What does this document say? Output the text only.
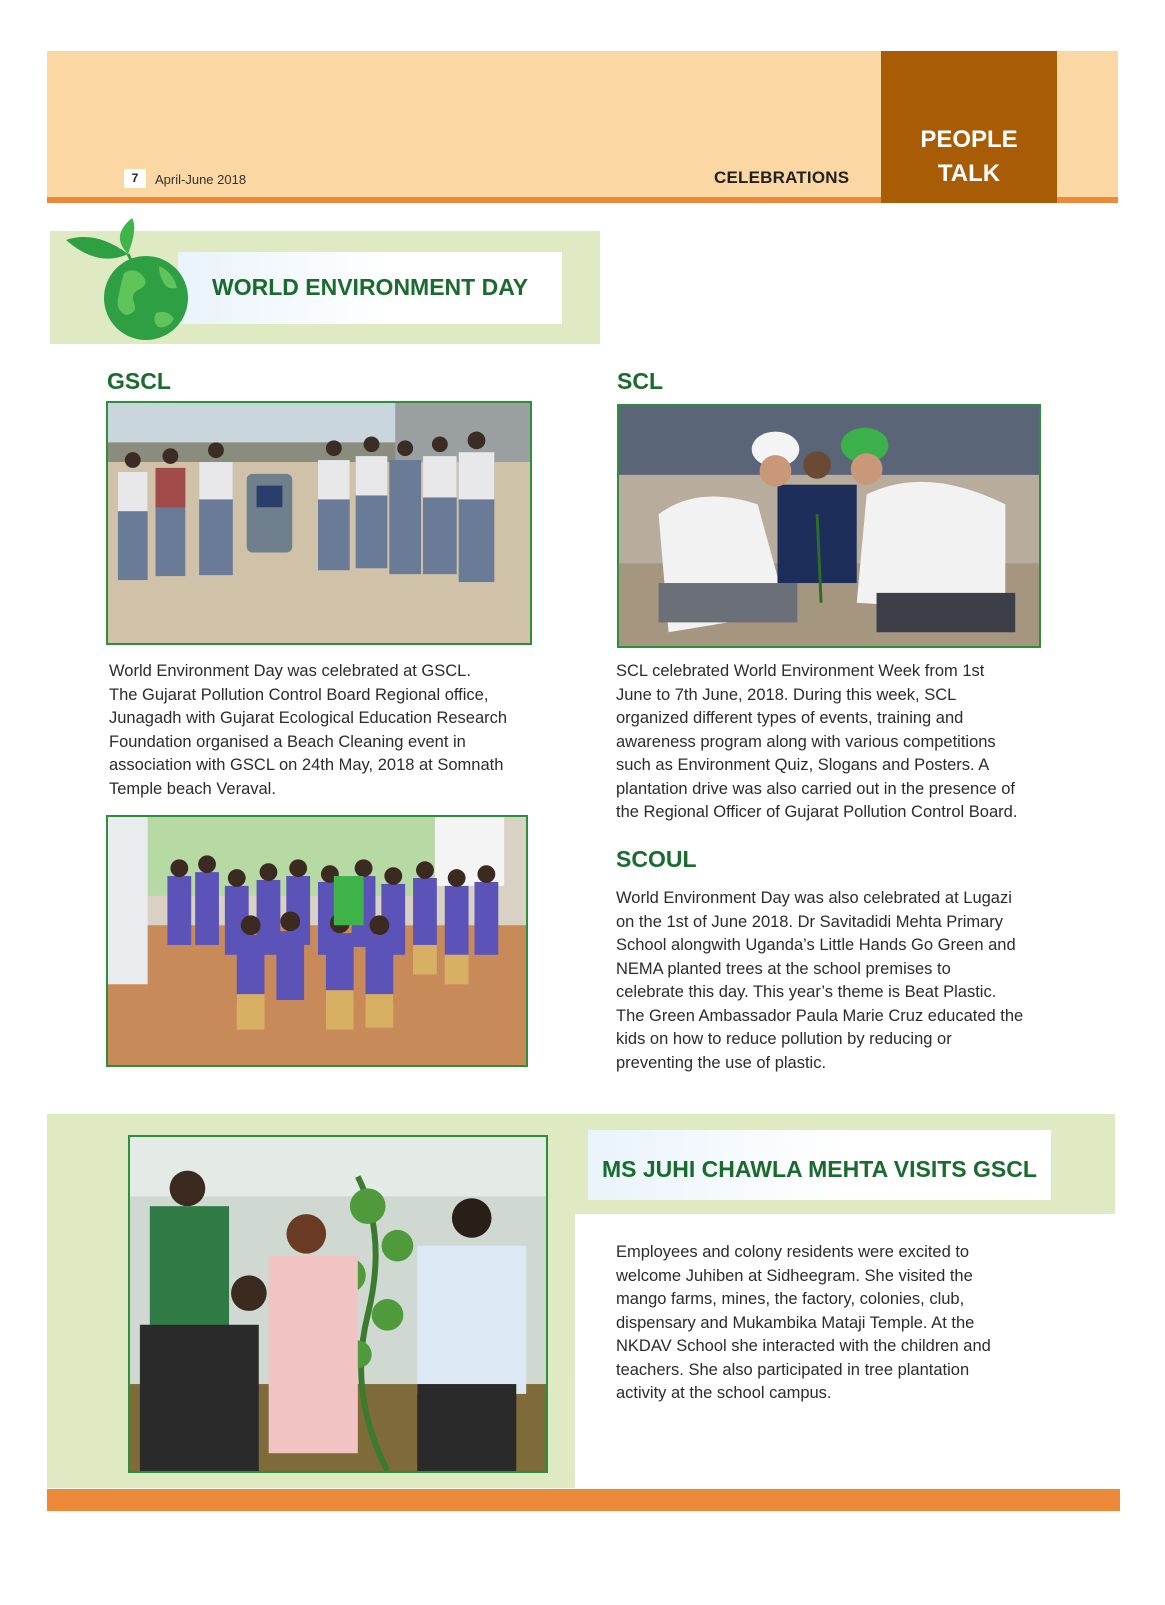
7	April-June 2018	CELEBRATIONS
PEOPLE
TALK
WORLD ENVIRONMENT DAY
GSCL
World Environment Day was celebrated at GSCL.
The Gujarat Pollution Control Board Regional office,
Junagadh with Gujarat Ecological Education Research
Foundation organised a Beach Cleaning event in
association with GSCL on 24th May, 2018 at Somnath
Temple beach Veraval.
SCL
SCL celebrated World Environment Week from 1st
June to 7th June, 2018. During this week, SCL
organized different types of events, training and
awareness program along with various competitions
such as Environment Quiz, Slogans and Posters. A
plantation drive was also carried out in the presence of
the Regional Officer of Gujarat Pollution Control Board.
SCOUL
World Environment Day was also celebrated at Lugazi
on the 1st of June 2018. Dr Savitadidi Mehta Primary
School alongwith Uganda’s Little Hands Go Green and
NEMA planted trees at the school premises to
celebrate this day. This year’s theme is Beat Plastic.
The Green Ambassador Paula Marie Cruz educated the
kids on how to reduce pollution by reducing or
preventing the use of plastic.
MS JUHI CHAWLA MEHTA VISITS GSCL
Employees and colony residents were excited to
welcome Juhiben at Sidheegram. She visited the
mango farms, mines, the factory, colonies, club,
dispensary and Mukambika Mataji Temple. At the
NKDAV School she interacted with the children and
teachers. She also participated in tree plantation
activity at the school campus.
